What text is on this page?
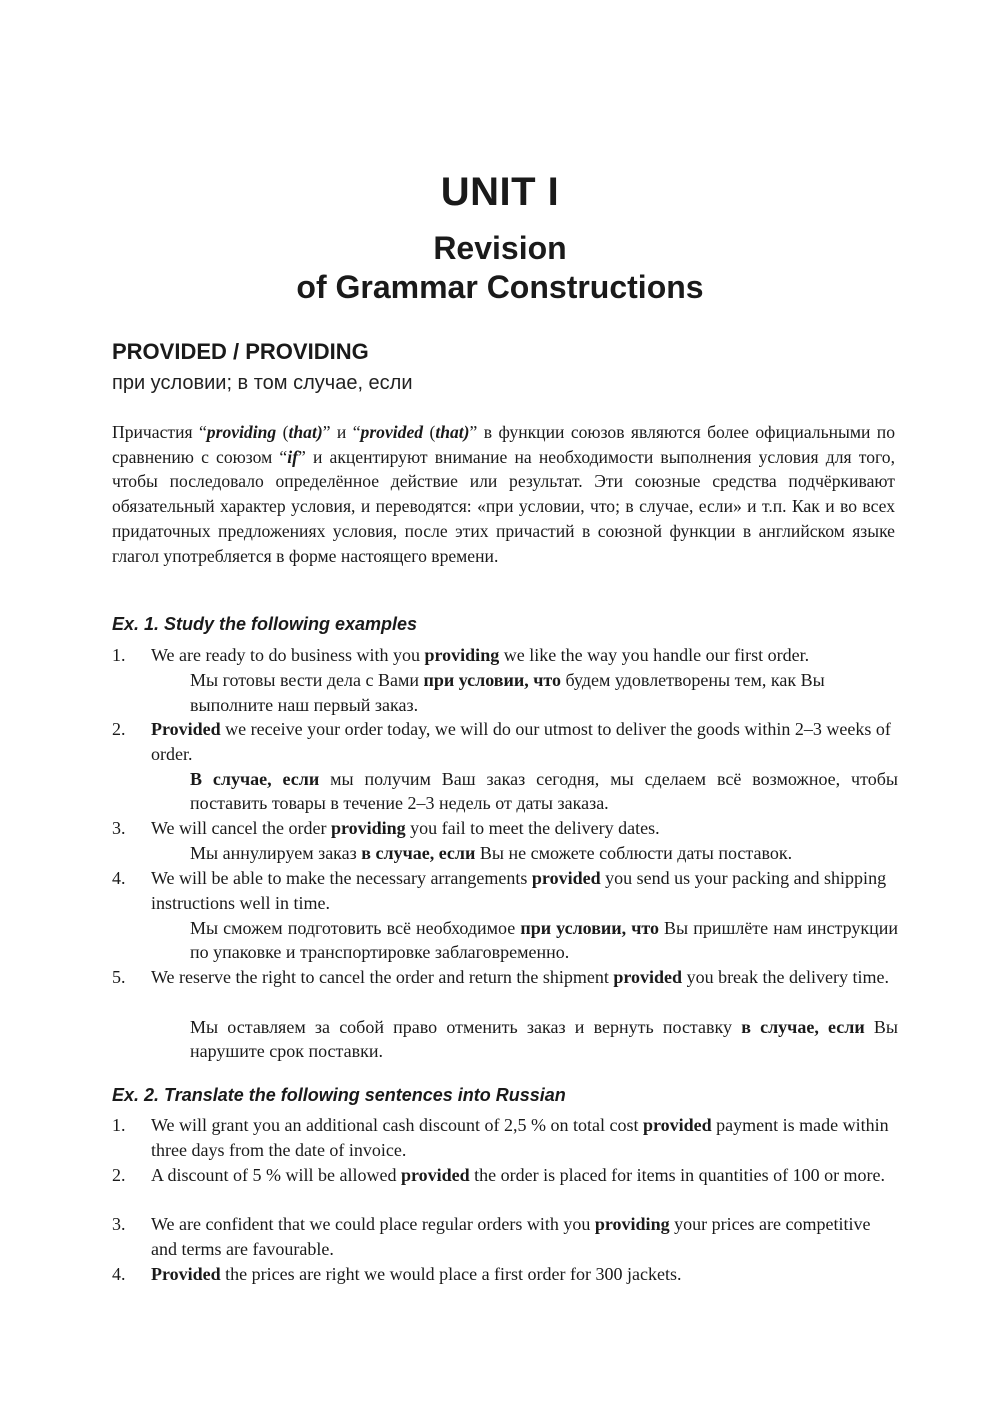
UNIT I
Revision
of Grammar Constructions
PROVIDED / PROVIDING

при условии; в том случае, если

Причастия “providing (that)” и “provided (that)” в функции союзов являются более официальными по сравнению с союзом “if” и акцентируют внимание на необходимости выполнения условия для того, чтобы последовало определённое действие или результат. Эти союзные средства подчёркивают обязательный характер условия, и переводятся: «при условии, что; в случае, если» и т.п. Как и во всех придаточных предложениях условия, после этих причастий в союзной функции в английском языке глагол употребляется в форме настоящего времени.

Ex. 1. Study the following examples
1. We are ready to do business with you providing we like the way you handle our first order.

Мы готовы вести дела с Вами при условии, что будем удовлетворены тем, как Вы выполните наш первый заказ.

2. Provided we receive your order today, we will do our utmost to deliver the goods within 2–3 weeks of order.

В случае, если мы получим Ваш заказ сегодня, мы сделаем всё возможное, чтобы поставить товары в течение 2–3 недель от даты заказа.

3. We will cancel the order providing you fail to meet the delivery dates.

Мы аннулируем заказ в случае, если Вы не сможете соблюсти даты поставок.

4. We will be able to make the necessary arrangements provided you send us your packing and shipping instructions well in time.

Мы сможем подготовить всё необходимое при условии, что Вы пришлёте нам инструкции по упаковке и транспортировке заблаговременно.

5. We reserve the right to cancel the order and return the shipment provided you break the delivery time.

Мы оставляем за собой право отменить заказ и вернуть поставку в случае, если Вы нарушите срок поставки.

Ex. 2. Translate the following sentences into Russian
1. We will grant you an additional cash discount of 2,5 % on total cost provided payment is made within three days from the date of invoice.

2. A discount of 5 % will be allowed provided the order is placed for items in quantities of 100 or more.

3. We are confident that we could place regular orders with you providing your prices are competitive and terms are favourable.

4. Provided the prices are right we would place a first order for 300 jackets.
